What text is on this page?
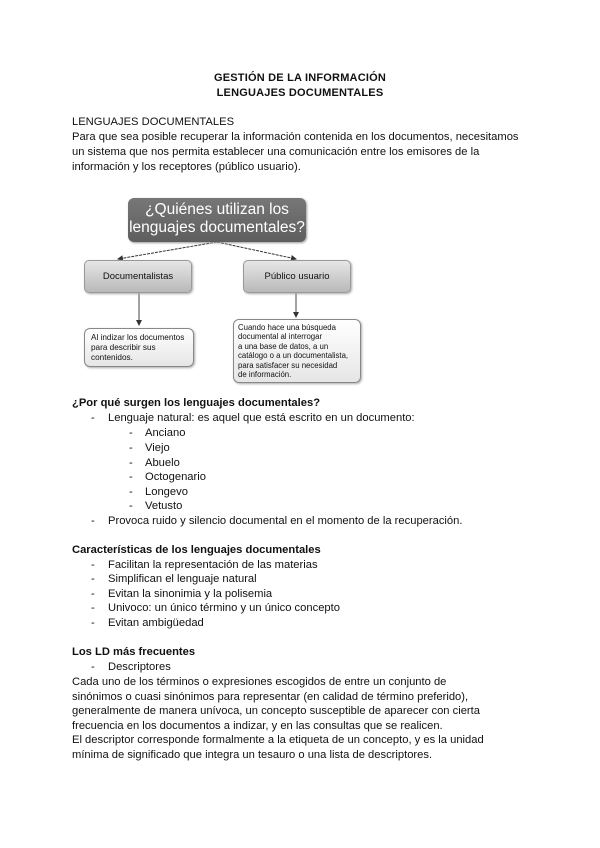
GESTIÓN DE LA INFORMACIÓN
LENGUAJES DOCUMENTALES
LENGUAJES DOCUMENTALES
Para que sea posible recuperar la información contenida en los documentos, necesitamos
un sistema que nos permita establecer una comunicación entre los emisores de la
información y los receptores (público usuario).
¿Quiénes utilizan los
lenguajes documentales?
Documentalistas	Público usuario
Al indizar los documentos
para describir sus
contenidos.
Cuando hace una búsqueda
documental al interrogar
a una base de datos, a un
catálogo o a un documentalista,
para satisfacer su necesidad
de información.
¿Por qué surgen los lenguajes documentales?
- Lenguaje natural: es aquel que está escrito en un documento:
- Anciano
- Viejo
- Abuelo
- Octogenario
- Longevo
- Vetusto
- Provoca ruido y silencio documental en el momento de la recuperación.
Características de los lenguajes documentales
- Facilitan la representación de las materias
- Simplifican el lenguaje natural
- Evitan la sinonimia y la polisemia
- Univoco: un único término y un único concepto
- Evitan ambigüedad
Los LD más frecuentes
- Descriptores
Cada uno de los términos o expresiones escogidos de entre un conjunto de
sinónimos o cuasi sinónimos para representar (en calidad de término preferido),
generalmente de manera unívoca, un concepto susceptible de aparecer con cierta
frecuencia en los documentos a indizar, y en las consultas que se realicen.
El descriptor corresponde formalmente a la etiqueta de un concepto, y es la unidad
mínima de significado que integra un tesauro o una lista de descriptores.
